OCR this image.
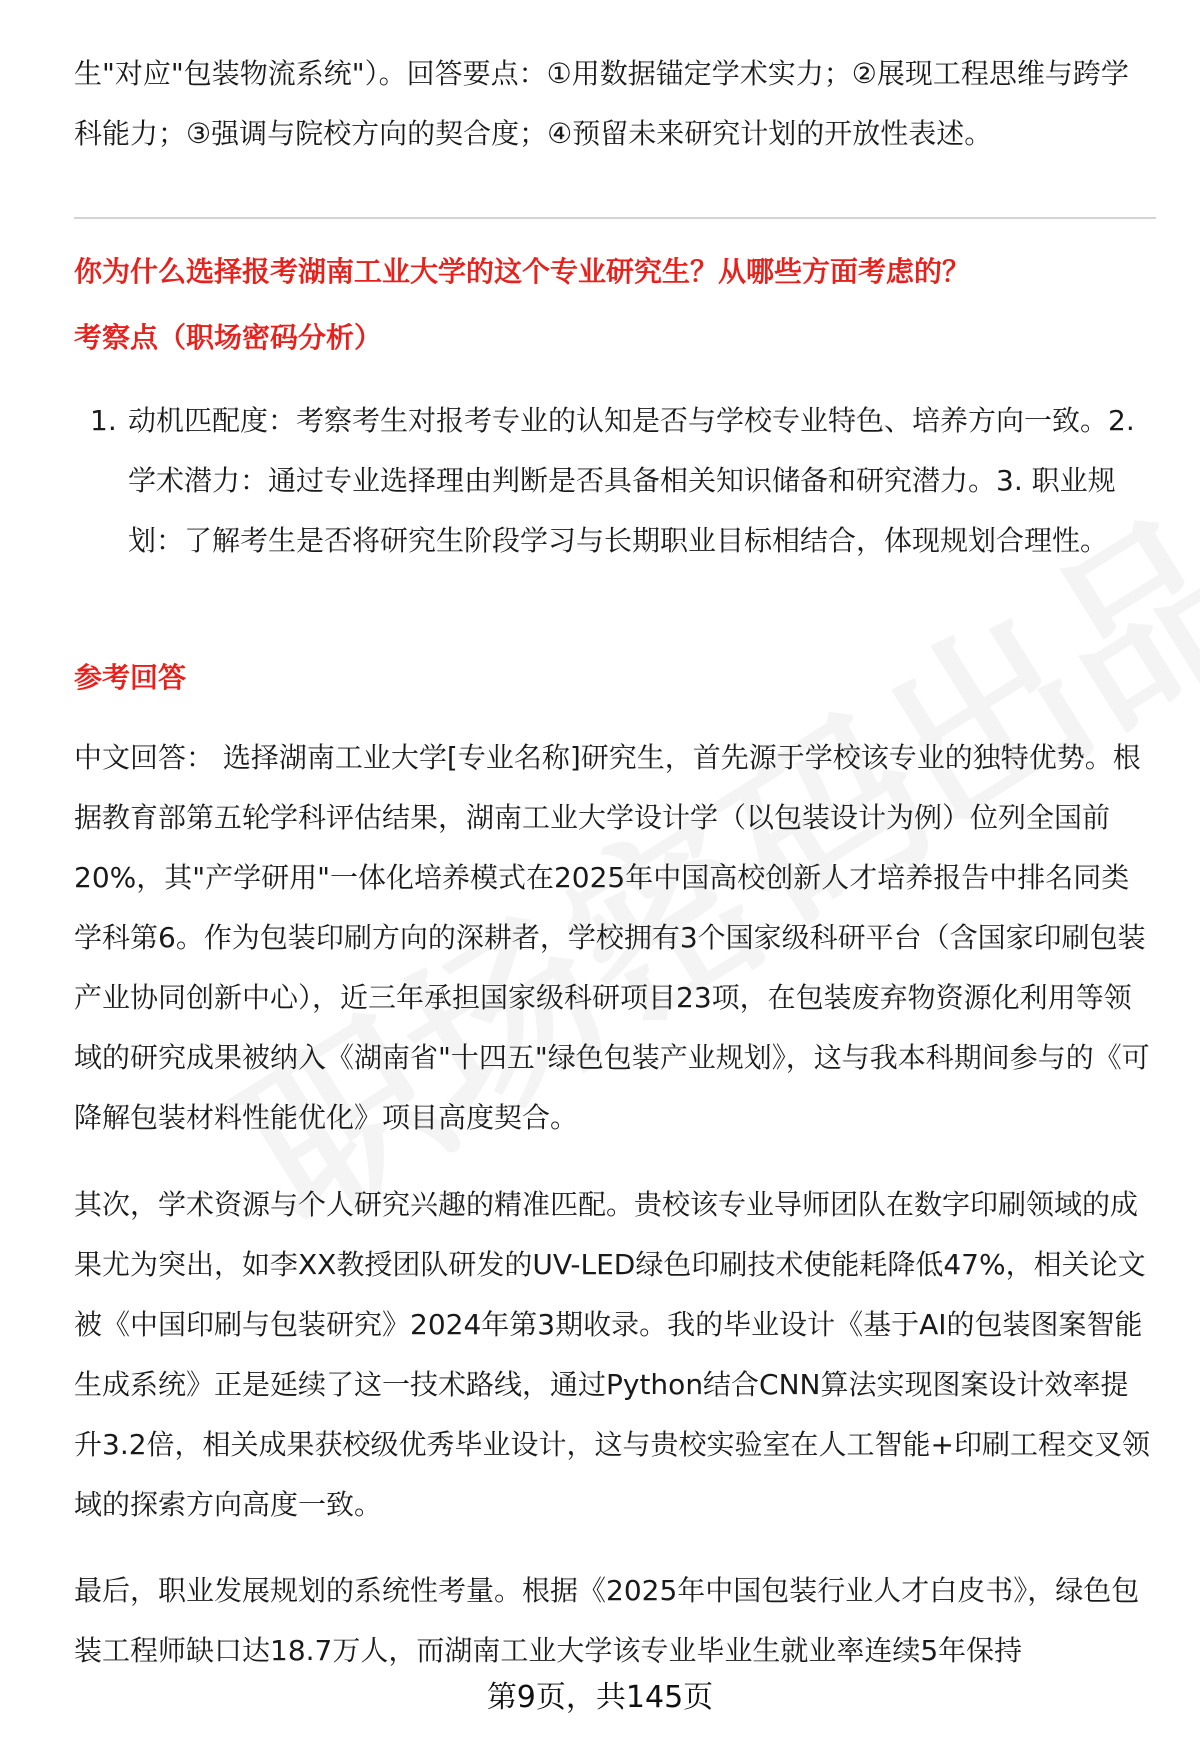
生"对应"包装物流系统"）。回答要点：①用数据锚定学术实力；②展现工程思维与跨学科能力；③强调与院校方向的契合度；④预留未来研究计划的开放性表述。

你为什么选择报考湖南工业大学的这个专业研究生？从哪些方面考虑的？

考察点（职场密码分析）

1. 动机匹配度：考察考生对报考专业的认知是否与学校专业特色、培养方向一致。2. 学术潜力：通过专业选择理由判断是否具备相关知识储备和研究潜力。3. 职业规划：了解考生是否将研究生阶段学习与长期职业目标相结合，体现规划合理性。

参考回答

中文回答： 选择湖南工业大学[专业名称]研究生，首先源于学校该专业的独特优势。根据教育部第五轮学科评估结果，湖南工业大学设计学（以包装设计为例）位列全国前20%，其"产学研用"一体化培养模式在2025年中国高校创新人才培养报告中排名同类学科第6。作为包装印刷方向的深耕者，学校拥有3个国家级科研平台（含国家印刷包装产业协同创新中心），近三年承担国家级科研项目23项，在包装废弃物资源化利用等领域的研究成果被纳入《湖南省"十四五"绿色包装产业规划》，这与我本科期间参与的《可降解包装材料性能优化》项目高度契合。

其次，学术资源与个人研究兴趣的精准匹配。贵校该专业导师团队在数字印刷领域的成果尤为突出，如李XX教授团队研发的UV-LED绿色印刷技术使能耗降低47%，相关论文被《中国印刷与包装研究》2024年第3期收录。我的毕业设计《基于AI的包装图案智能生成系统》正是延续了这一技术路线，通过Python结合CNN算法实现图案设计效率提升3.2倍，相关成果获校级优秀毕业设计，这与贵校实验室在人工智能+印刷工程交叉领域的探索方向高度一致。

最后，职业发展规划的系统性考量。根据《2025年中国包装行业人才白皮书》，绿色包装工程师缺口达18.7万人，而湖南工业大学该专业毕业生就业率连续5年保持

第9页，共145页
